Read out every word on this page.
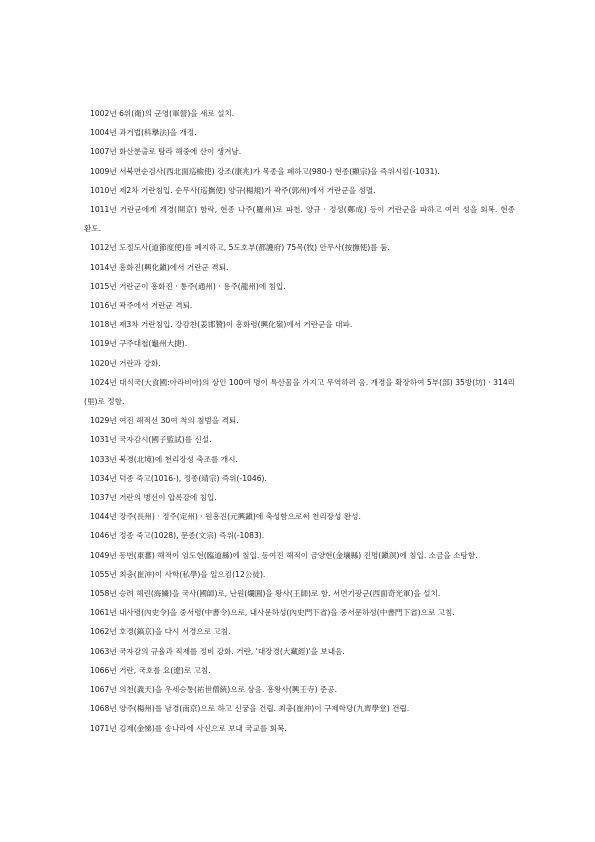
1002년 6위(衛)의 군영(軍營)을 새로 설치.

1004년 과거법(科擧法)을 개정.

1007년 화산분출로 탐라 해중에 산이 생겨남.

1009년 서북면순검사(西北面巡檢使) 강조(康兆)가 목종을 폐하고(980-) 현종(顯宗)을 즉위시킴(-1031).

1010년 제2차 거란침입. 순무사(巡撫使) 양규(楊規)가 곽주(郭州)에서 거란군을 섬멸.

1011년 거란군에게 개경(開京) 함락, 현종 나주(羅州)로 파천. 양규 · 정성(鄭成) 등이 거란군을 파하고 여러 성을 회복. 현종 환도.

1012년 도절도사(道節度使)를 폐지하고, 5도호부(都護府) 75목(牧) 안무사(按撫使)를 둠.

1014년 흥화진(興化鎭)에서 거란군 격퇴.

1015년 거란군이 흥화진 · 통주(通州) · 용주(龍州)에 침입.

1016년 곽주에서 거란군 격퇴.

1018년 제3차 거란침입. 강감찬(姜邯贊)이 흥화령(興化嶺)에서 거란군을 대파.

1019년 구주대첩(龜州大捷).

1020년 거란과 강화.

1024년 대식국(大食國:아라비아)의 상인 100여 명이 특산물을 가지고 무역하러 옴. 개경을 확장하여 5부(部) 35방(坊) · 314리(里)로 정함.

1029년 여진 해적선 30여 척의 침범을 격퇴.

1031년 국자감시(國子監試)를 신설.

1033년 북경(北境)에 천리장성 축조를 개시.

1034년 덕종 죽고(1016-), 정종(靖宗) 즉위(-1046).

1037년 거란의 병선이 압록강에 침입.

1044년 장주(長州) · 정주(定州) · 원흥진(元興鎭)에 축성함으로써 천리장성 완성.

1046년 정종 죽고(1028), 문종(文宗) 즉위(-1083).

1049년 동번(東蕃) 해적이 임도현(臨道縣)에 침입. 동여진 해적이 금양현(金壤縣) 진명(鎭溟)에 침입. 소금을 소탕함.

1055년 최충(崔沖)이 사학(私學)을 일으킴(12公徒).

1058년 승려 해린(海鱗)을 국사(國師)로, 난원(爛圓)을 왕사(王師)로 함. 서면기광군(西面奇光軍)을 설치.

1061년 내사령(內史令)을 중서령(中書令)으로, 내사문하성(內史門下省)을 중서문하성(中書門下省)으로 고침.

1062년 호경(鎬京)을 다시 서경으로 고침.

1063년 국자감의 규율과 직제를 정비 강화. 거란, '대장경(大藏經)'을 보내옴.

1066년 거란, 국호를 요(遼)로 고침.

1067년 의천(義天)을 우세승통(祐世僧統)으로 삼음. 흥왕사(興王寺) 준공.

1068년 양주(楊州)를 남경(南京)으로 하고 신궁을 건립. 최충(崔沖)이 구제학당(九齊學堂) 건립.

1071년 김제(金悌)를 송나라에 사신으로 보내 국교를 회복.
